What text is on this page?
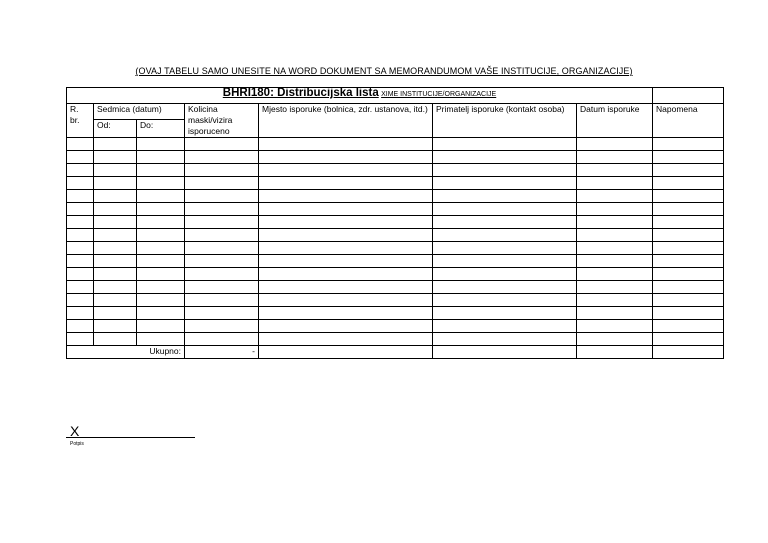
(OVAJ TABELU SAMO UNESITE NA WORD DOKUMENT SA MEMORANDUMOM VAŠE INSTITUCIJE, ORGANIZACIJE)
BHRI180: Distribucijska lista XIME INSTITUCIJE/ORGANIZACIJE							
R. br.	Sedmica (datum)		Kolicina maski/vizira isporuceno	Mjesto isporuke (bolnica, zdr. ustanova, itd.)	Primatelj isporuke (kontakt osoba)	Datum isporuke	Napomena
	Od:	Do:					

		Ukupno:	-				
X
Potpis
